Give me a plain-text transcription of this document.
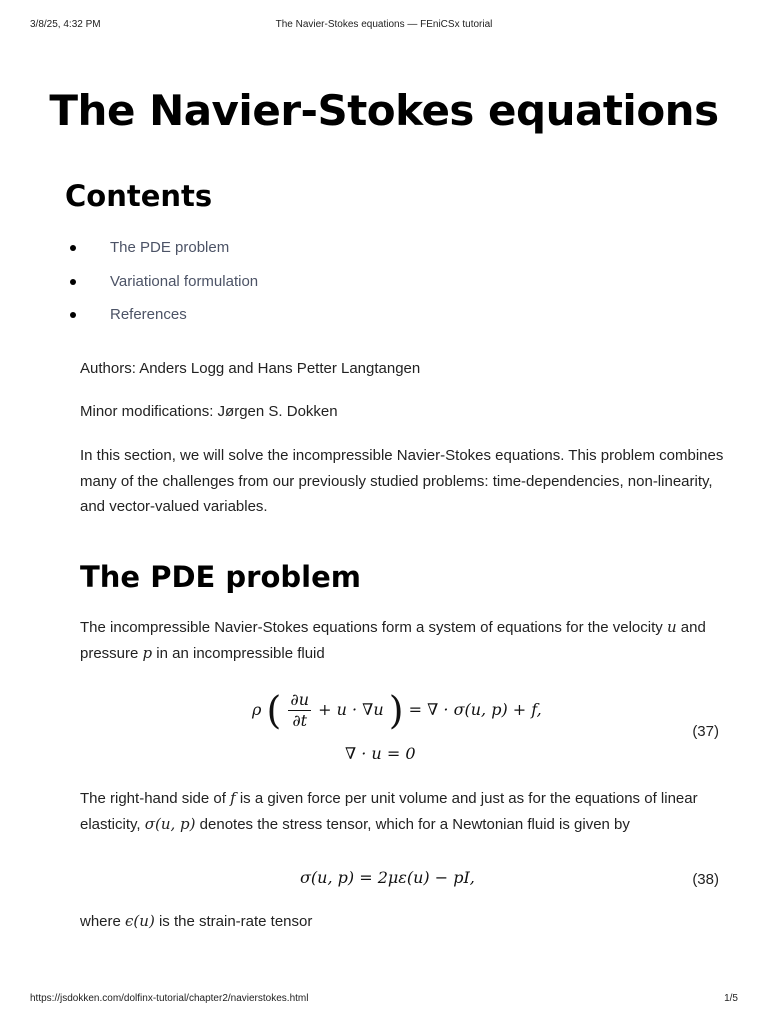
3/8/25, 4:32 PM	The Navier-Stokes equations — FEniCSx tutorial
The Navier-Stokes equations
Contents
The PDE problem
Variational formulation
References

Authors: Anders Logg and Hans Petter Langtangen

Minor modifications: Jørgen S. Dokken

In this section, we will solve the incompressible Navier-Stokes equations. This problem combines many of the challenges from our previously studied problems: time-dependencies, non-linearity, and vector-valued variables.

The PDE problem

The incompressible Navier-Stokes equations form a system of equations for the velocity u and pressure p in an incompressible fluid

ρ ( $\frac{\partial u}{\partial t} + u \cdot \nabla u$ ) = ∇ · σ(u, p) + f,
∇ · u = 0
(37)

The right-hand side of f is a given force per unit volume and just as for the equations of linear elasticity, σ(u, p) denotes the stress tensor, which for a Newtonian fluid is given by

σ(u, p) = 2με(u) − pI,	(38)

where ϵ(u) is the strain-rate tensor

https://jsdokken.com/dolfinx-tutorial/chapter2/navierstokes.html	1/5
